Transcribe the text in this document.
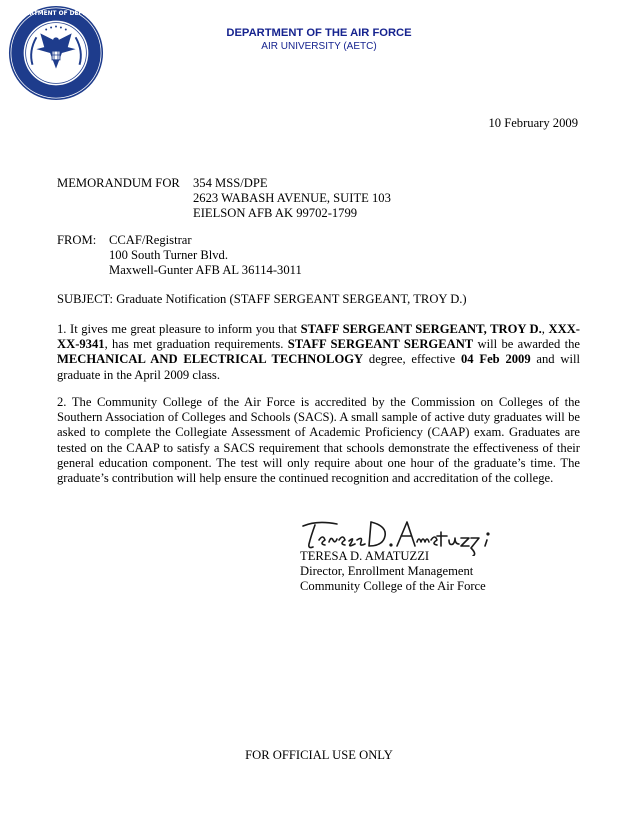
DEPARTMENT OF DEFENSE
DEPARTMENT OF THE AIR FORCE
AIR UNIVERSITY (AETC)
10 February 2009
MEMORANDUM FOR 354 MSS/DPE
2623 WABASH AVENUE, SUITE 103
EIELSON AFB AK 99702-1799
FROM: CCAF/Registrar
100 South Turner Blvd.
Maxwell-Gunter AFB AL 36114-3011
SUBJECT: Graduate Notification (STAFF SERGEANT SERGEANT, TROY D.)
1. It gives me great pleasure to inform you that STAFF SERGEANT SERGEANT, TROY D., XXX-XX-9341, has met graduation requirements. STAFF SERGEANT SERGEANT will be awarded the MECHANICAL AND ELECTRICAL TECHNOLOGY degree, effective 04 Feb 2009 and will graduate in the April 2009 class.
2. The Community College of the Air Force is accredited by the Commission on Colleges of the Southern Association of Colleges and Schools (SACS). A small sample of active duty graduates will be asked to complete the Collegiate Assessment of Academic Proficiency (CAAP) exam. Graduates are tested on the CAAP to satisfy a SACS requirement that schools demonstrate the effectiveness of their general education component. The test will only require about one hour of the graduate’s time. The graduate’s contribution will help ensure the continued recognition and accreditation of the college.
TERESA D. AMATUZZI
Director, Enrollment Management
Community College of the Air Force
FOR OFFICIAL USE ONLY
